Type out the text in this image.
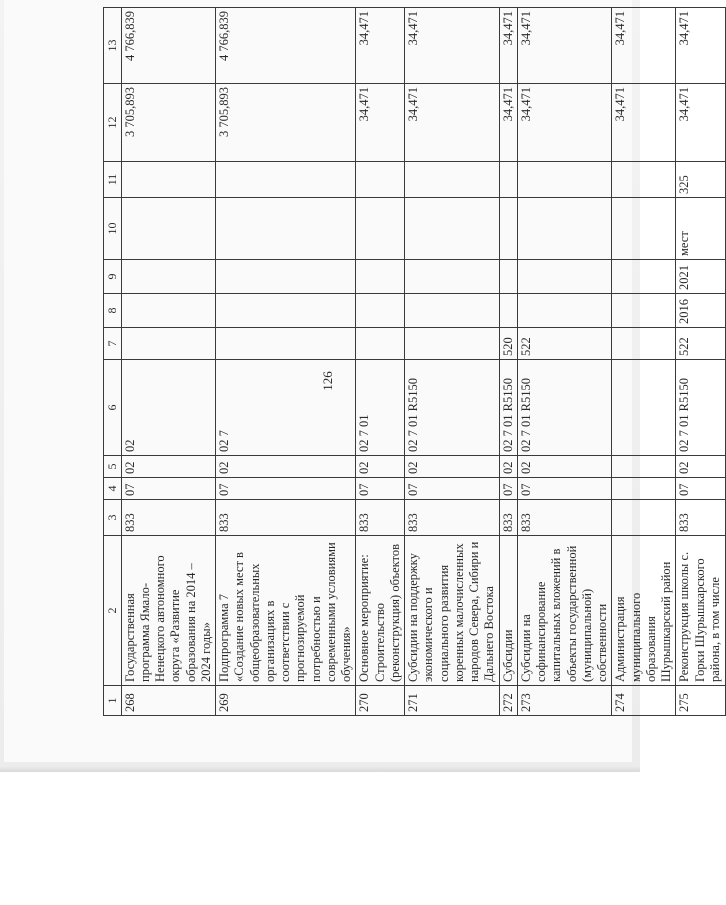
126
1	2	3	4	5	6	7	8	9	10	11	12	13
268	Государственная программа Ямало-Ненецкого автономного округа «Развитие образования на 2014 – 2024 годы»	833	07	02	02						3 705,893	4 766,839
269	Подпрограмма 7 «Создание новых мест в общеобразовательных организациях в соответствии с прогнозируемой потребностью и современными условиями обучения»	833	07	02	02 7						3 705,893	4 766,839
270	Основное мероприятие: Строительство (реконструкция) объектов	833	07	02	02 7 01						34,471	34,471
271	Субсидии на поддержку экономического и социального развития коренных малочисленных народов Севера, Сибири и Дальнего Востока	833	07	02	02 7 01 R5150						34,471	34,471
272	Субсидии	833	07	02	02 7 01 R5150	520					34,471	34,471
273	Субсидии на софинансирование капитальных вложений в объекты государственной (муниципальной) собственности	833	07	02	02 7 01 R5150	522					34,471	34,471
274	Администрация муниципального образования Шурышкарский район										34,471	34,471
275	Реконструкция школы с. Горки Шурышкарского района, в том числе	833	07	02	02 7 01 R5150	522	2016	2021	мест	325	34,471	34,471
